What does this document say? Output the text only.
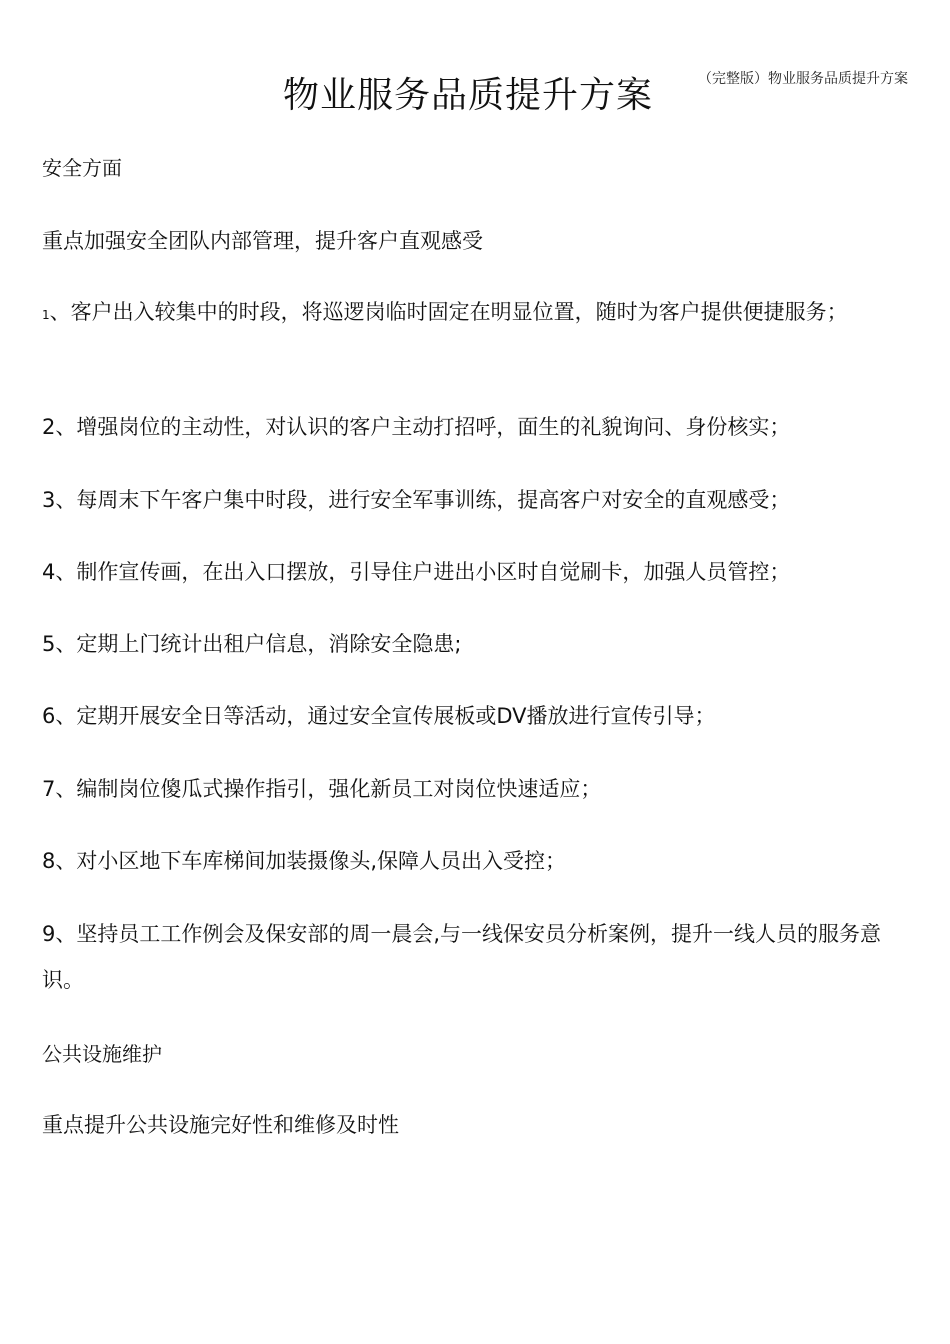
（完整版）物业服务品质提升方案
物业服务品质提升方案

安全方面

重点加强安全团队内部管理，提升客户直观感受

1、客户出入较集中的时段，将巡逻岗临时固定在明显位置，随时为客户提供便捷服务；

2、增强岗位的主动性，对认识的客户主动打招呼，面生的礼貌询问、身份核实；

3、每周末下午客户集中时段，进行安全军事训练，提高客户对安全的直观感受；

4、制作宣传画，在出入口摆放，引导住户进出小区时自觉刷卡，加强人员管控；

5、定期上门统计出租户信息，消除安全隐患;

6、定期开展安全日等活动，通过安全宣传展板或DV播放进行宣传引导；

7、编制岗位傻瓜式操作指引，强化新员工对岗位快速适应；

8、对小区地下车库梯间加装摄像头,保障人员出入受控；

9、坚持员工工作例会及保安部的周一晨会,与一线保安员分析案例，提升一线人员的服务意识。

公共设施维护

重点提升公共设施完好性和维修及时性
